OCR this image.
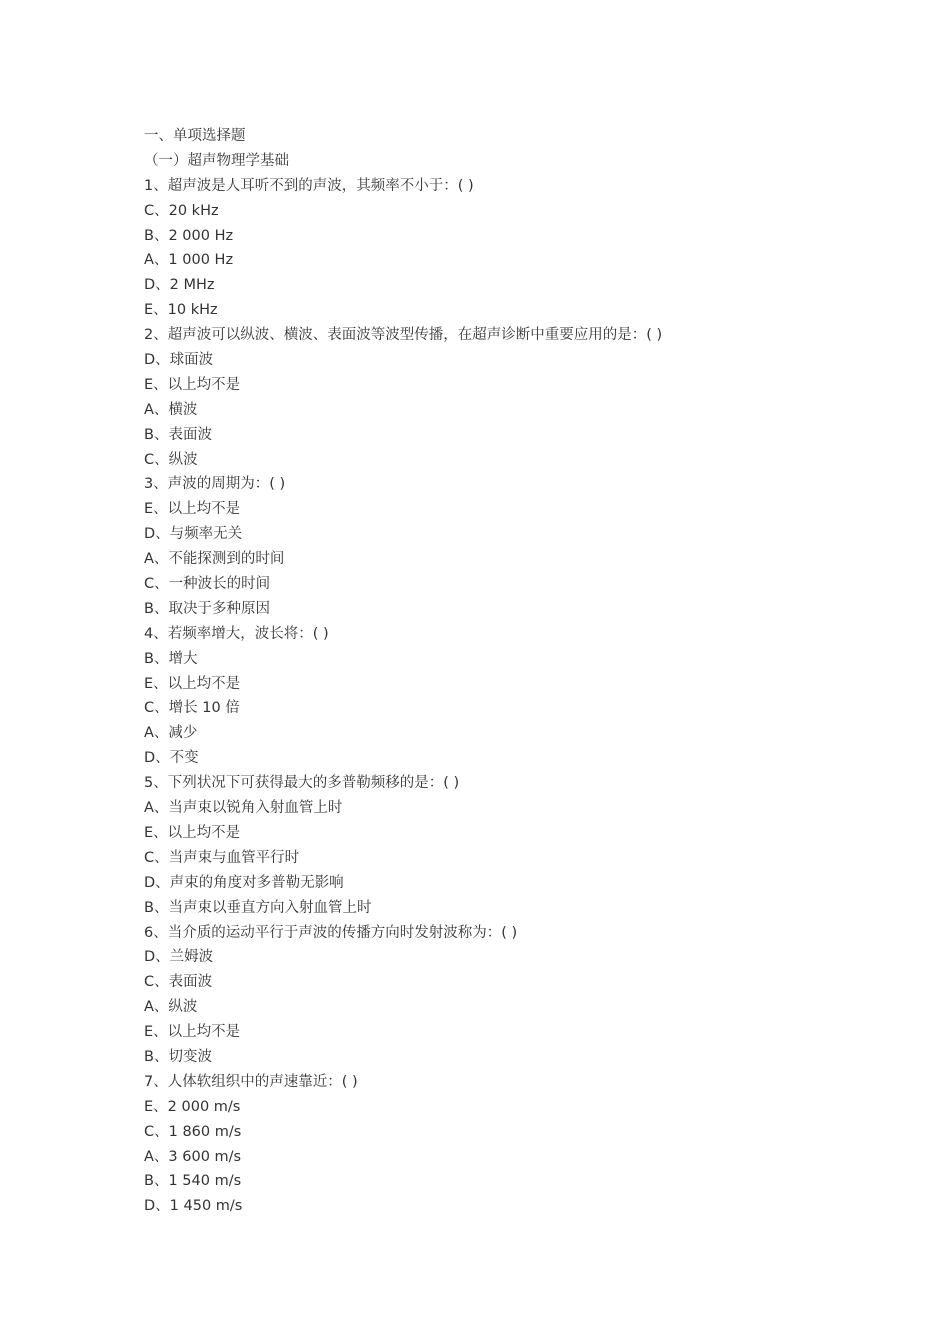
一、单项选择题
（一）超声物理学基础
1、超声波是人耳听不到的声波，其频率不小于：( )
C、20 kHz
B、2 000 Hz
A、1 000 Hz
D、2 MHz
E、10 kHz
2、超声波可以纵波、横波、表面波等波型传播，在超声诊断中重要应用的是：( )
D、球面波
E、以上均不是
A、横波
B、表面波
C、纵波
3、声波的周期为：( )
E、以上均不是
D、与频率无关
A、不能探测到的时间
C、一种波长的时间
B、取决于多种原因
4、若频率增大，波长将：( )
B、增大
E、以上均不是
C、增长 10 倍
A、减少
D、不变
5、下列状况下可获得最大的多普勒频移的是：( )
A、当声束以锐角入射血管上时
E、以上均不是
C、当声束与血管平行时
D、声束的角度对多普勒无影响
B、当声束以垂直方向入射血管上时
6、当介质的运动平行于声波的传播方向时发射波称为：( )
D、兰姆波
C、表面波
A、纵波
E、以上均不是
B、切变波
7、人体软组织中的声速靠近：( )
E、2 000 m/s
C、1 860 m/s
A、3 600 m/s
B、1 540 m/s
D、1 450 m/s
